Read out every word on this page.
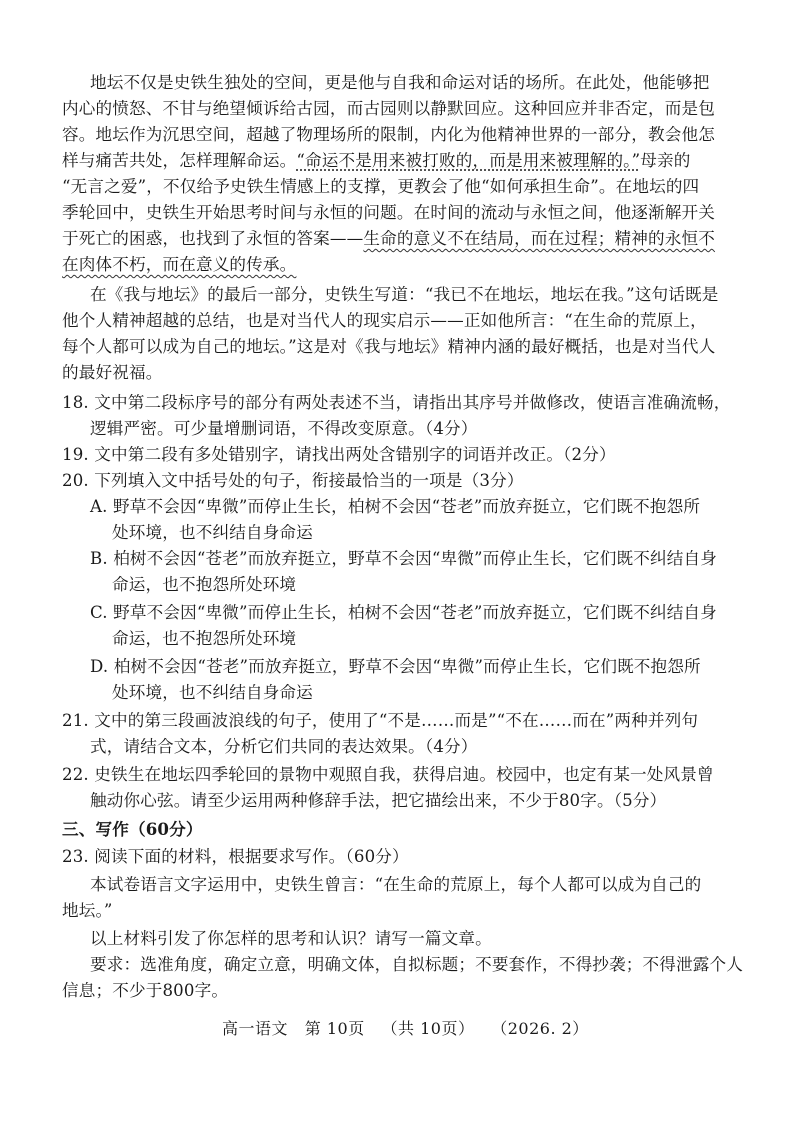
地坛不仅是史铁生独处的空间，更是他与自我和命运对话的场所。在此处，他能够把
内心的愤怒、不甘与绝望倾诉给古园，而古园则以静默回应。这种回应并非否定，而是包
容。地坛作为沉思空间，超越了物理场所的限制，内化为他精神世界的一部分，教会他怎
样与痛苦共处，怎样理解命运。“命运不是用来被打败的，而是用来被理解的。”母亲的
“无言之爱”，不仅给予史铁生情感上的支撑，更教会了他“如何承担生命”。在地坛的四
季轮回中，史铁生开始思考时间与永恒的问题。在时间的流动与永恒之间，他逐渐解开关
于死亡的困惑，也找到了永恒的答案——生命的意义不在结局，而在过程；精神的永恒不
在肉体不朽，而在意义的传承。
在《我与地坛》的最后一部分，史铁生写道：“我已不在地坛，地坛在我。”这句话既是
他个人精神超越的总结，也是对当代人的现实启示——正如他所言：“在生命的荒原上，
每个人都可以成为自己的地坛。”这是对《我与地坛》精神内涵的最好概括，也是对当代人
的最好祝福。
18. 文中第二段标序号的部分有两处表述不当，请指出其序号并做修改，使语言准确流畅，
逻辑严密。可少量增删词语，不得改变原意。（4分）
19. 文中第二段有多处错别字，请找出两处含错别字的词语并改正。（2分）
20. 下列填入文中括号处的句子，衔接最恰当的一项是（3分）
A. 野草不会因“卑微”而停止生长，柏树不会因“苍老”而放弃挺立，它们既不抱怨所
处环境，也不纠结自身命运
B. 柏树不会因“苍老”而放弃挺立，野草不会因“卑微”而停止生长，它们既不纠结自身
命运，也不抱怨所处环境
C. 野草不会因“卑微”而停止生长，柏树不会因“苍老”而放弃挺立，它们既不纠结自身
命运，也不抱怨所处环境
D. 柏树不会因“苍老”而放弃挺立，野草不会因“卑微”而停止生长，它们既不抱怨所
处环境，也不纠结自身命运
21. 文中的第三段画波浪线的句子，使用了“不是……而是”“不在……而在”两种并列句
式，请结合文本，分析它们共同的表达效果。（4分）
22. 史铁生在地坛四季轮回的景物中观照自我，获得启迪。校园中，也定有某一处风景曾
触动你心弦。请至少运用两种修辞手法，把它描绘出来，不少于80字。（5分）
三、写作（60分）
23. 阅读下面的材料，根据要求写作。（60分）
本试卷语言文字运用中，史铁生曾言：“在生命的荒原上，每个人都可以成为自己的
地坛。”
以上材料引发了你怎样的思考和认识？请写一篇文章。
要求：选准角度，确定立意，明确文体，自拟标题；不要套作，不得抄袭；不得泄露个人
信息；不少于800字。
高一语文 第 10页 （共 10页） （2026. 2）
